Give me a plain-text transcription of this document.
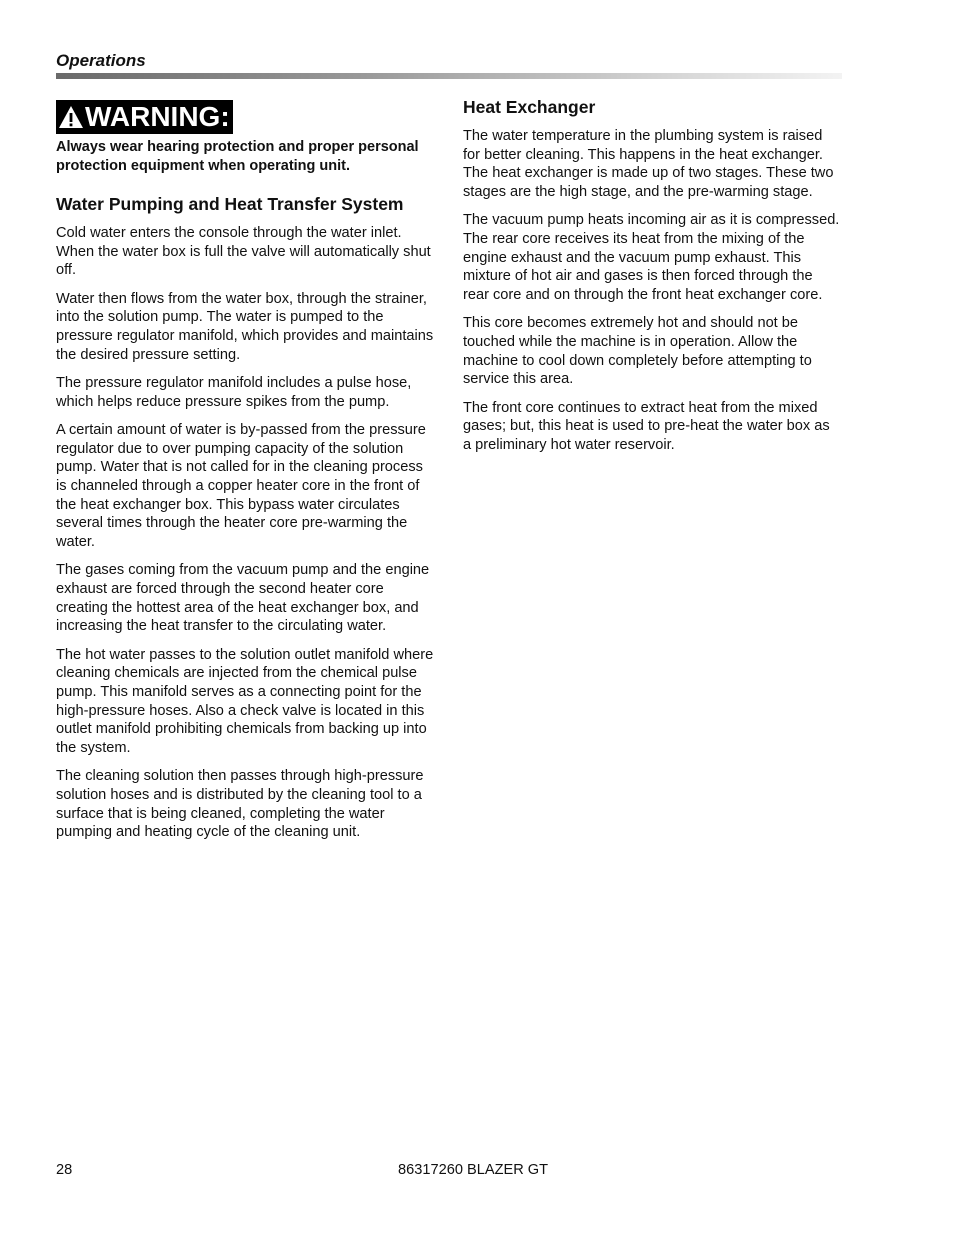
Operations
WARNING:

Always wear hearing protection and proper personal protection equipment when operating unit.

Water Pumping and Heat Transfer System

Cold water enters the console through the water inlet. When the water box is full the valve will automatically shut off.

Water then flows from the water box, through the strainer, into the solution pump. The water is pumped to the pressure regulator manifold, which provides and maintains the desired pressure setting.

The pressure regulator manifold includes a pulse hose, which helps reduce pressure spikes from the pump.

A certain amount of water is by-passed from the pressure regulator due to over pumping capacity of the solution pump. Water that is not called for in the cleaning process is channeled through a copper heater core in the front of the heat exchanger box. This bypass water circulates several times through the heater core pre-warming the water.

The gases coming from the vacuum pump and the engine exhaust are forced through the second heater core creating the hottest area of the heat exchanger box, and increasing the heat transfer to the circulating water.

The hot water passes to the solution outlet manifold where cleaning chemicals are injected from the chemical pulse pump. This manifold serves as a connecting point for the high-pressure hoses. Also a check valve is located in this outlet manifold prohibiting chemicals from backing up into the system.

The cleaning solution then passes through high-pressure solution hoses and is distributed by the cleaning tool to a surface that is being cleaned, completing the water pumping and heating cycle of the cleaning unit.

Heat Exchanger

The water temperature in the plumbing system is raised for better cleaning. This happens in the heat exchanger. The heat exchanger is made up of two stages. These two stages are the high stage, and the pre-warming stage.

The vacuum pump heats incoming air as it is compressed. The rear core receives its heat from the mixing of the engine exhaust and the vacuum pump exhaust. This mixture of hot air and gases is then forced through the rear core and on through the front heat exchanger core.

This core becomes extremely hot and should not be touched while the machine is in operation. Allow the machine to cool down completely before attempting to service this area.

The front core continues to extract heat from the mixed gases; but, this heat is used to pre-heat the water box as a preliminary hot water reservoir.

28	86317260 BLAZER GT
